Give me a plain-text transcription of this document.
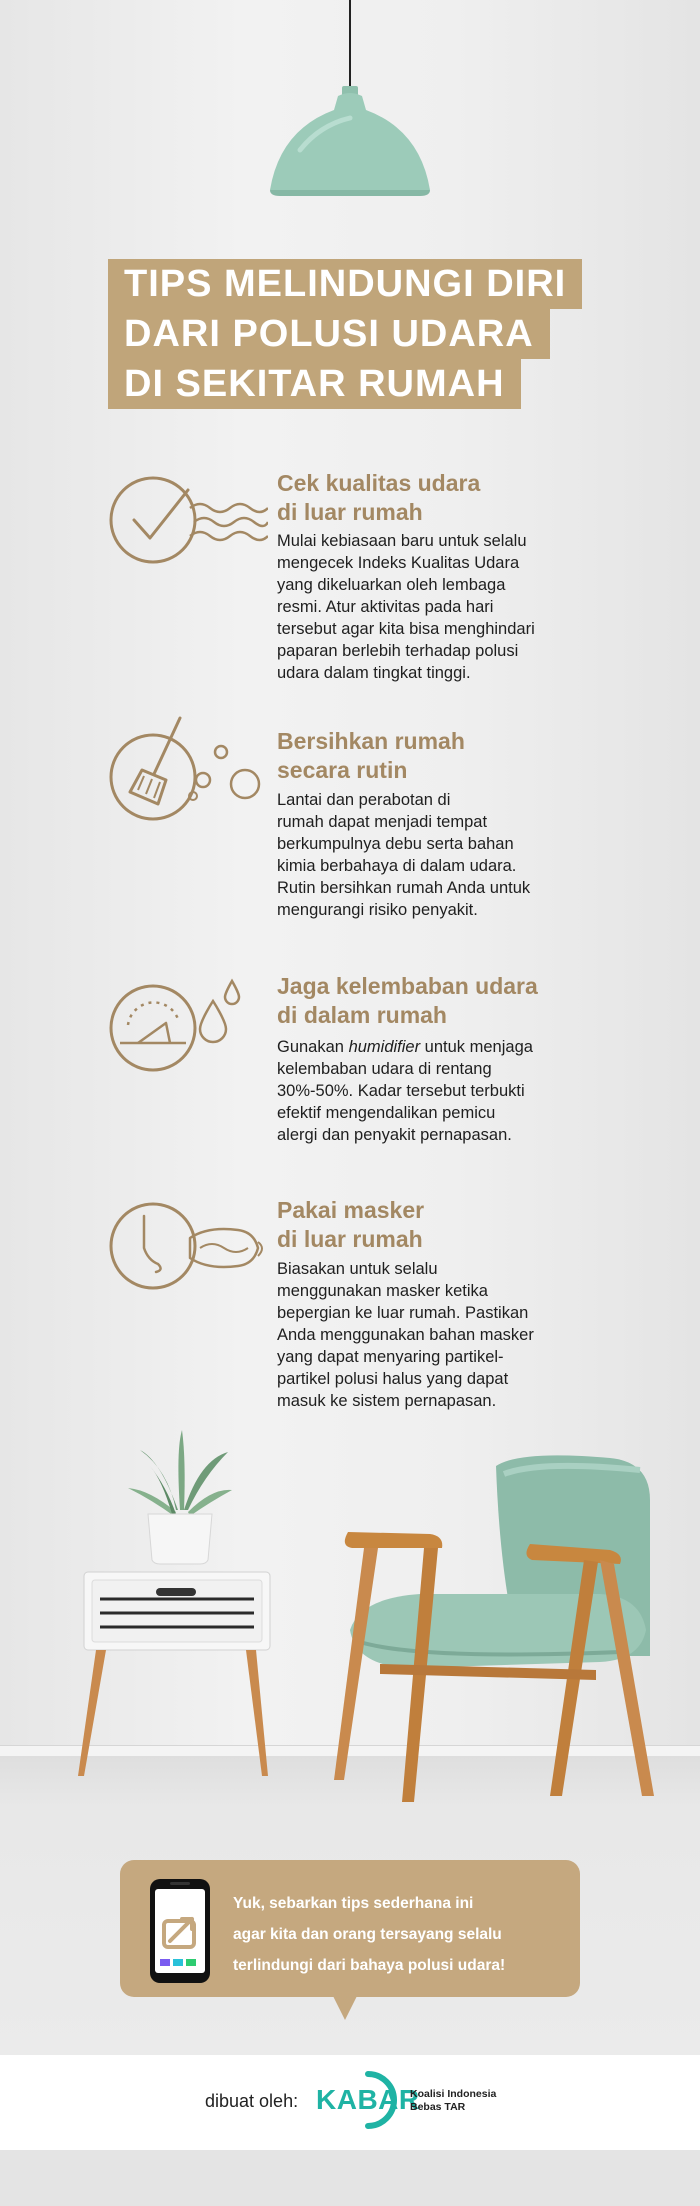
TIPS MELINDUNGI DIRI
DARI POLUSI UDARA
DI SEKITAR RUMAH
Cek kualitas udara
di luar rumah
Mulai kebiasaan baru untuk selalu
mengecek Indeks Kualitas Udara
yang dikeluarkan oleh lembaga
resmi. Atur aktivitas pada hari
tersebut agar kita bisa menghindari
paparan berlebih terhadap polusi
udara dalam tingkat tinggi.
Bersihkan rumah
secara rutin
Lantai dan perabotan di
rumah dapat menjadi tempat
berkumpulnya debu serta bahan
kimia berbahaya di dalam udara.
Rutin bersihkan rumah Anda untuk
mengurangi risiko penyakit.
Jaga kelembaban udara
di dalam rumah
Gunakan humidifier untuk menjaga
kelembaban udara di rentang
30%-50%. Kadar tersebut terbukti
efektif mengendalikan pemicu
alergi dan penyakit pernapasan.
Pakai masker
di luar rumah
Biasakan untuk selalu
menggunakan masker ketika
bepergian ke luar rumah. Pastikan
Anda menggunakan bahan masker
yang dapat menyaring partikel-
partikel polusi halus yang dapat
masuk ke sistem pernapasan.
Yuk, sebarkan tips sederhana ini
agar kita dan orang tersayang selalu
terlindungi dari bahaya polusi udara!
dibuat oleh: KABAR
Koalisi Indonesia
Bebas TAR
